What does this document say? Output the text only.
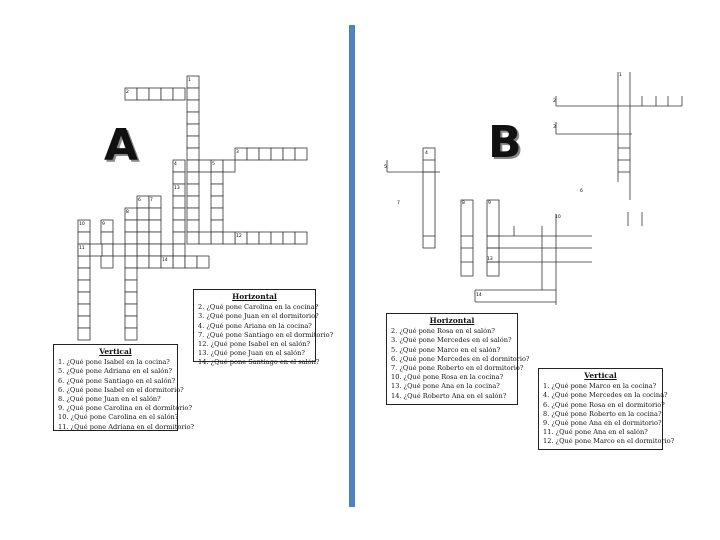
1
2
3
4	5
6 7
8
10	9
11
12
14
13
1
2
3
4
5
6
7	8	9
10
13
14
A	B
Horizontal
2. ¿Qué pone Carolina en la cocina?
3. ¿Qué pone Juan en el dormitorio?
4. ¿Qué pone Ariana en la cocina?
7. ¿Qué pone Santiago en el dormitorio?
12. ¿Qué pone Isabel en el salón?
13. ¿Qué pone Juan en el salón?
14. ¿Qué pone Santiago en el salón?
Vertical
1. ¿Qué pone Isabel en la cocina?
5. ¿Qué pone Adriana en el salón?
6. ¿Qué pone Santiago en el salón?
6. ¿Qué pone Isabel en el dormitorio?
8. ¿Qué pone Juan en el salón?
9. ¿Qué pone Carolina en el dormitorio?
10. ¿Qué pone Carolina en el salón?
11. ¿Qué pone Adriana en el dormitorio?
Horizontal
2. ¿Qué pone Rosa en el salón?
3. ¿Qué pone Mercedes en el salón?
5. ¿Qué pone Marco en el salón?
6. ¿Qué pone Mercedes en el dormitorio?
7. ¿Qué pone Roberto en el dormitorio?
10. ¿Qué pone Rosa en la cocina?
13. ¿Qué pone Ana en la cocina?
14. ¿Qué Roberto Ana en el salón?
Vertical
1. ¿Qué pone Marco en la cocina?
4. ¿Qué pone Mercedes en la cocina?
6. ¿Qué pone Rosa en el dormitorio?
8. ¿Qué pone Roberto en la cocina?
9. ¿Qué pone Ana en el dormitorio?
11. ¿Qué pone Ana en el salón?
12. ¿Qué pone Marco en el dormitorio?
